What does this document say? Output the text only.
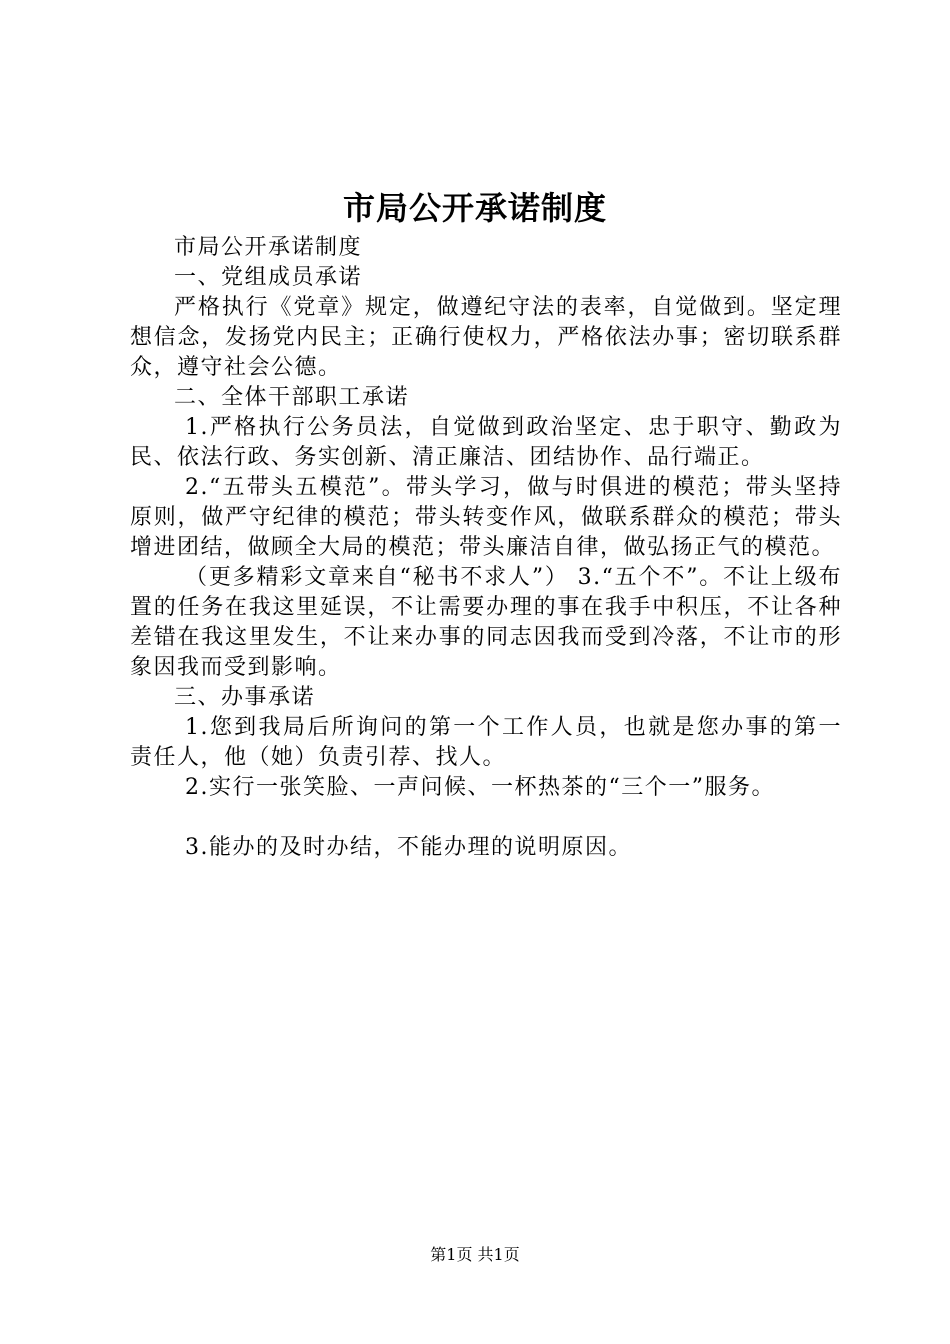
市局公开承诺制度

市局公开承诺制度

一、党组成员承诺

严格执行《党章》规定，做遵纪守法的表率，自觉做到。坚定理想信念，发扬党内民主；正确行使权力，严格依法办事；密切联系群众，遵守社会公德。

二、全体干部职工承诺

1.严格执行公务员法，自觉做到政治坚定、忠于职守、勤政为民、依法行政、务实创新、清正廉洁、团结协作、品行端正。

2.“五带头五模范”。带头学习，做与时俱进的模范；带头坚持原则，做严守纪律的模范；带头转变作风，做联系群众的模范；带头增进团结，做顾全大局的模范；带头廉洁自律，做弘扬正气的模范。

（更多精彩文章来自“秘书不求人”） 3.“五个不”。不让上级布置的任务在我这里延误，不让需要办理的事在我手中积压，不让各种差错在我这里发生，不让来办事的同志因我而受到冷落，不让市的形象因我而受到影响。

三、办事承诺

1.您到我局后所询问的第一个工作人员，也就是您办事的第一责任人，他（她）负责引荐、找人。

2.实行一张笑脸、一声问候、一杯热茶的“三个一”服务。

3.能办的及时办结，不能办理的说明原因。

第1页 共1页
